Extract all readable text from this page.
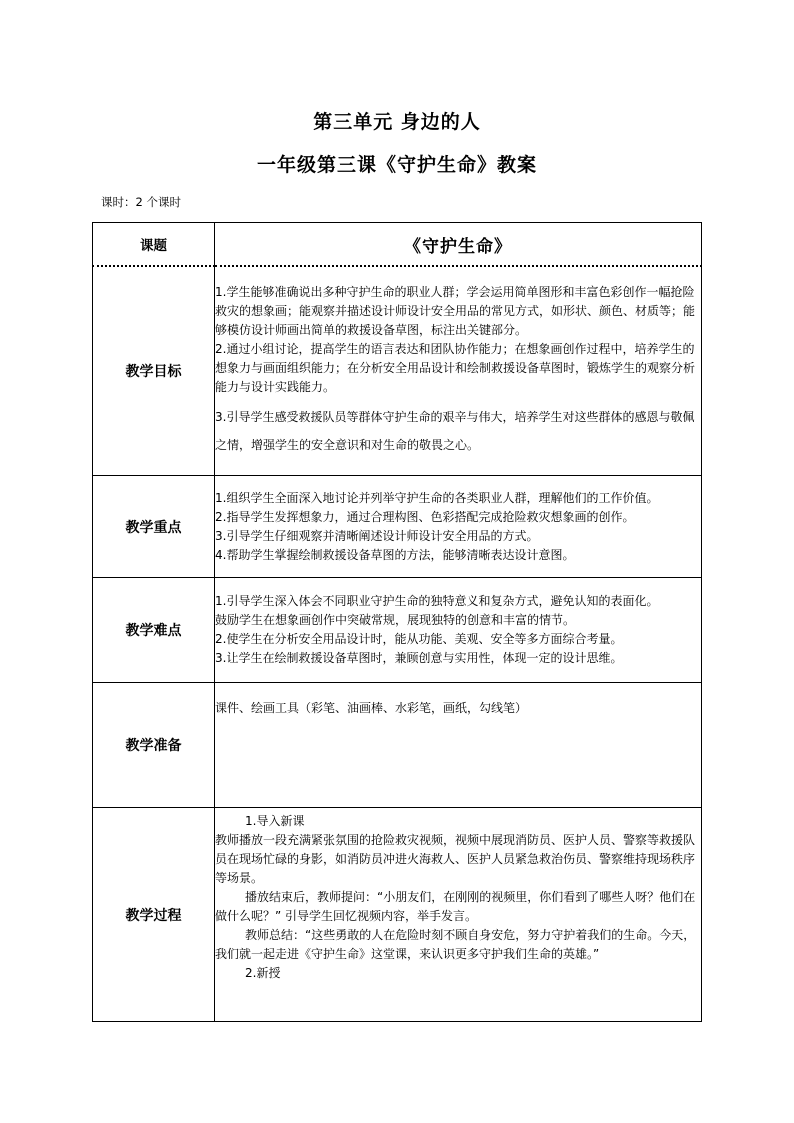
第三单元 身边的人
一年级第三课《守护生命》教案
课时：2 个课时
课题	《守护生命》

教学目标	1.学生能够准确说出多种守护生命的职业人群；学会运用简单图形和丰富色彩创作一幅抢险救灾的想象画；能观察并描述设计师设计安全用品的常见方式，如形状、颜色、材质等；能够模仿设计师画出简单的救援设备草图，标注出关键部分。

2.通过小组讨论，提高学生的语言表达和团队协作能力；在想象画创作过程中，培养学生的想象力与画面组织能力；在分析安全用品设计和绘制救援设备草图时，锻炼学生的观察分析能力与设计实践能力。

3.引导学生感受救援队员等群体守护生命的艰辛与伟大，培养学生对这些群体的感恩与敬佩之情，增强学生的安全意识和对生命的敬畏之心。

教学重点	1.组织学生全面深入地讨论并列举守护生命的各类职业人群，理解他们的工作价值。

2.指导学生发挥想象力，通过合理构图、色彩搭配完成抢险救灾想象画的创作。

3.引导学生仔细观察并清晰阐述设计师设计安全用品的方式。

4.帮助学生掌握绘制救援设备草图的方法，能够清晰表达设计意图。

教学难点	1.引导学生深入体会不同职业守护生命的独特意义和复杂方式，避免认知的表面化。

鼓励学生在想象画创作中突破常规，展现独特的创意和丰富的情节。

2.使学生在分析安全用品设计时，能从功能、美观、安全等多方面综合考量。

3.让学生在绘制救援设备草图时，兼顾创意与实用性，体现一定的设计思维。

教学准备	课件、绘画工具（彩笔、油画棒、水彩笔，画纸，勾线笔）

教学过程	1.导入新课

教师播放一段充满紧张氛围的抢险救灾视频，视频中展现消防员、医护人员、警察等救援队员在现场忙碌的身影，如消防员冲进火海救人、医护人员紧急救治伤员、警察维持现场秩序等场景。

播放结束后，教师提问：“小朋友们，在刚刚的视频里，你们看到了哪些人呀？他们在做什么呢？” 引导学生回忆视频内容，举手发言。

教师总结：“这些勇敢的人在危险时刻不顾自身安危，努力守护着我们的生命。今天，我们就一起走进《守护生命》这堂课，来认识更多守护我们生命的英雄。”

2.新授
